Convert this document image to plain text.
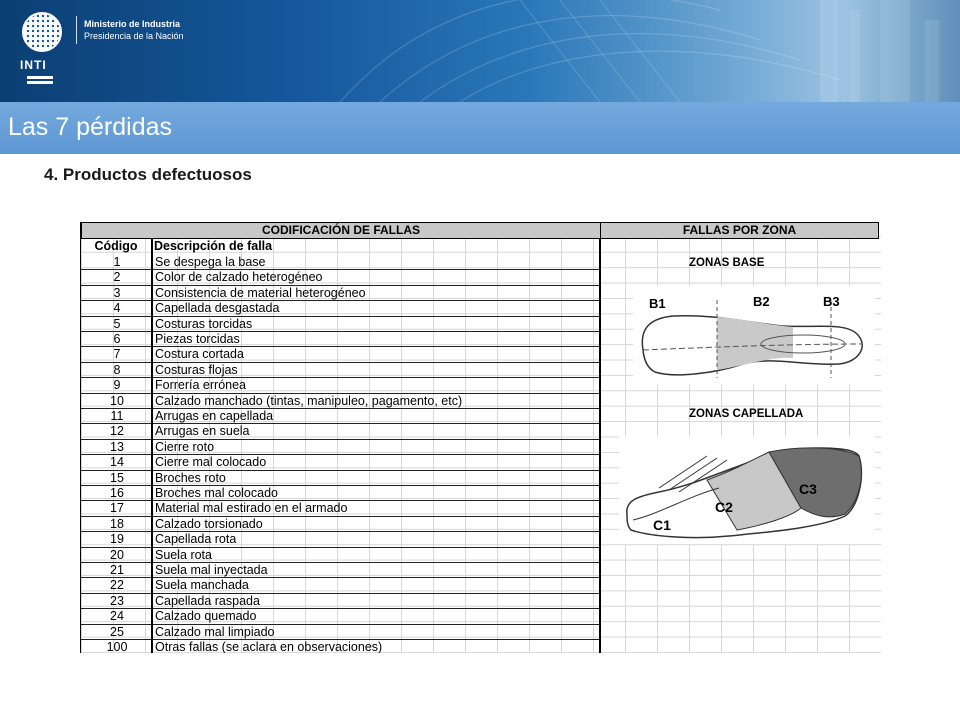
INTI
Ministerio de Industria
Presidencia de la Nación
Las 7 pérdidas
4. Productos defectuosos
CODIFICACIÓN DE FALLAS	FALLAS POR ZONA
Código	Descripción de falla
1	Se despega la base
2	Color de calzado heterogéneo
3	Consistencia de material heterogéneo
4	Capellada desgastada
5	Costuras torcidas
6	Piezas torcidas
7	Costura cortada
8	Costuras flojas
9	Forrería errónea
10	Calzado manchado (tintas, manipuleo, pagamento, etc)
11	Arrugas en capellada
12	Arrugas en suela
13	Cierre roto
14	Cierre mal colocado
15	Broches roto
16	Broches mal colocado
17	Material mal estirado en el armado
18	Calzado torsionado
19	Capellada rota
20	Suela rota
21	Suela mal inyectada
22	Suela manchada
23	Capellada raspada
24	Calzado quemado
25	Calzado mal limpiado
100	Otras fallas (se aclara en observaciones)
ZONAS BASE
B1	B2	B3
ZONAS CAPELLADA
C1
C2
C3
